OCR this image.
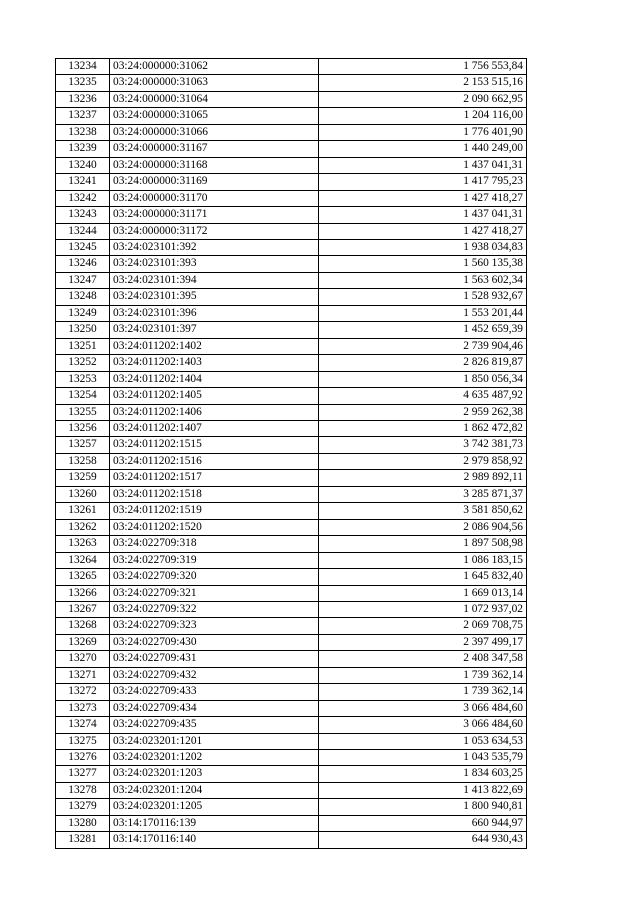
13234	03:24:000000:31062	1 756 553,84
13235	03:24:000000:31063	2 153 515,16
13236	03:24:000000:31064	2 090 662,95
13237	03:24:000000:31065	1 204 116,00
13238	03:24:000000:31066	1 776 401,90
13239	03:24:000000:31167	1 440 249,00
13240	03:24:000000:31168	1 437 041,31
13241	03:24:000000:31169	1 417 795,23
13242	03:24:000000:31170	1 427 418,27
13243	03:24:000000:31171	1 437 041,31
13244	03:24:000000:31172	1 427 418,27
13245	03:24:023101:392	1 938 034,83
13246	03:24:023101:393	1 560 135,38
13247	03:24:023101:394	1 563 602,34
13248	03:24:023101:395	1 528 932,67
13249	03:24:023101:396	1 553 201,44
13250	03:24:023101:397	1 452 659,39
13251	03:24:011202:1402	2 739 904,46
13252	03:24:011202:1403	2 826 819,87
13253	03:24:011202:1404	1 850 056,34
13254	03:24:011202:1405	4 635 487,92
13255	03:24:011202:1406	2 959 262,38
13256	03:24:011202:1407	1 862 472,82
13257	03:24:011202:1515	3 742 381,73
13258	03:24:011202:1516	2 979 858,92
13259	03:24:011202:1517	2 989 892,11
13260	03:24:011202:1518	3 285 871,37
13261	03:24:011202:1519	3 581 850,62
13262	03:24:011202:1520	2 086 904,56
13263	03:24:022709:318	1 897 508,98
13264	03:24:022709:319	1 086 183,15
13265	03:24:022709:320	1 645 832,40
13266	03:24:022709:321	1 669 013,14
13267	03:24:022709:322	1 072 937,02
13268	03:24:022709:323	2 069 708,75
13269	03:24:022709:430	2 397 499,17
13270	03:24:022709:431	2 408 347,58
13271	03:24:022709:432	1 739 362,14
13272	03:24:022709:433	1 739 362,14
13273	03:24:022709:434	3 066 484,60
13274	03:24:022709:435	3 066 484,60
13275	03:24:023201:1201	1 053 634,53
13276	03:24:023201:1202	1 043 535,79
13277	03:24:023201:1203	1 834 603,25
13278	03:24:023201:1204	1 413 822,69
13279	03:24:023201:1205	1 800 940,81
13280	03:14:170116:139	660 944,97
13281	03:14:170116:140	644 930,43
